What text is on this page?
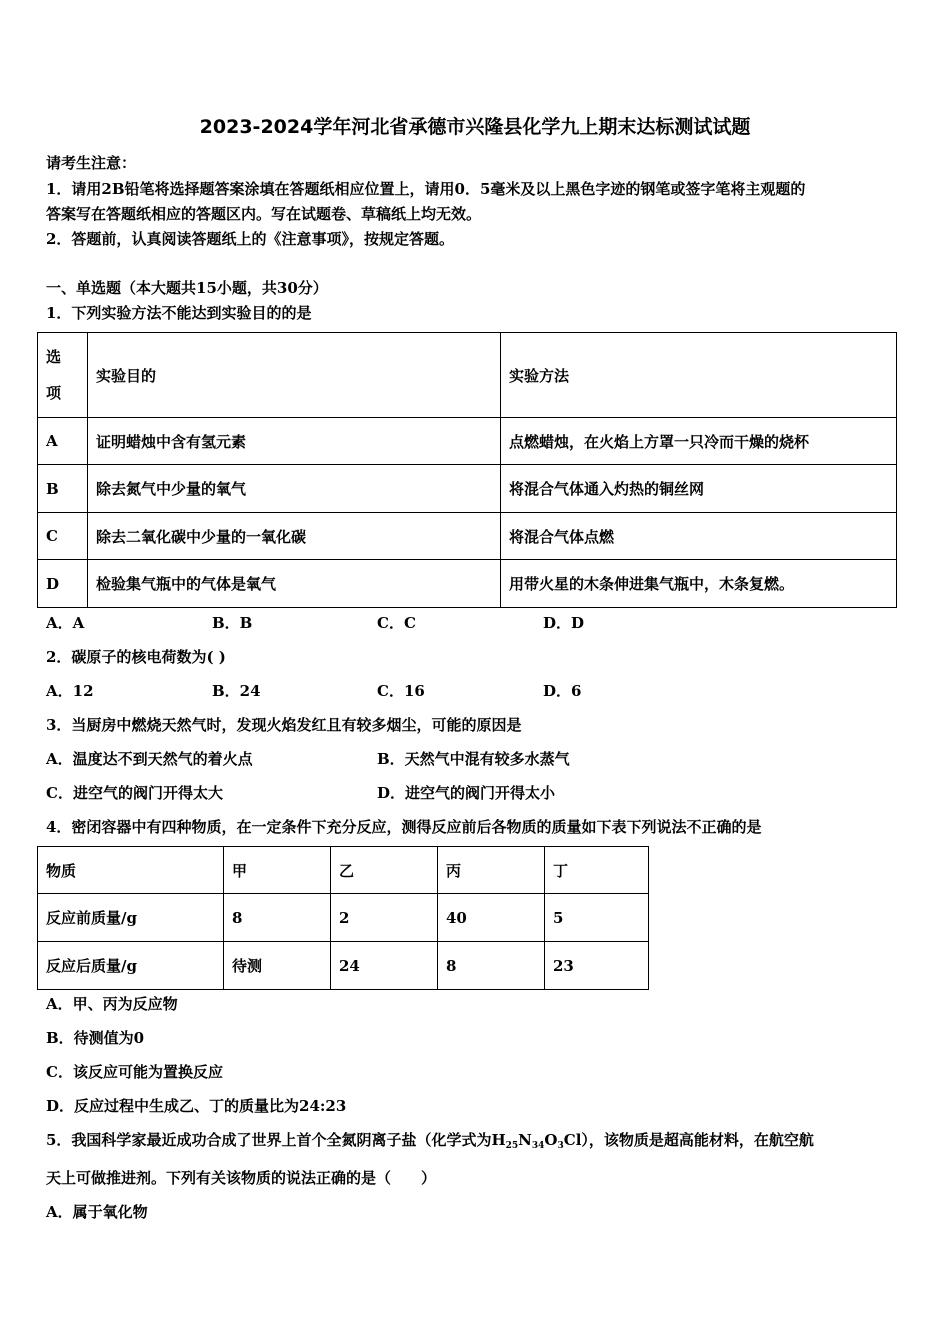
2023-2024学年河北省承德市兴隆县化学九上期末达标测试试题
请考生注意：
1．请用2B铅笔将选择题答案涂填在答题纸相应位置上，请用0．5毫米及以上黑色字迹的钢笔或签字笔将主观题的
答案写在答题纸相应的答题区内。写在试题卷、草稿纸上均无效。
2．答题前，认真阅读答题纸上的《注意事项》，按规定答题。
一、单选题（本大题共15小题，共30分）
1．下列实验方法不能达到实验目的的是
选
项	实验目的	实验方法
A	证明蜡烛中含有氢元素	点燃蜡烛，在火焰上方罩一只冷而干燥的烧杯
B	除去氮气中少量的氧气	将混合气体通入灼热的铜丝网
C	除去二氧化碳中少量的一氧化碳	将混合气体点燃
D	检验集气瓶中的气体是氧气	用带火星的木条伸进集气瓶中，木条复燃。
A．A	B．B	C．C	D．D
2．碳原子的核电荷数为( )
A．12	B．24	C．16	D．6
3．当厨房中燃烧天然气时，发现火焰发红且有较多烟尘，可能的原因是
A．温度达不到天然气的着火点	B．天然气中混有较多水蒸气
C．进空气的阀门开得太大	D．进空气的阀门开得太小
4．密闭容器中有四种物质，在一定条件下充分反应，测得反应前后各物质的质量如下表下列说法不正确的是
物质	甲	乙	丙	丁
反应前质量/g	8	2	40	5
反应后质量/g	待测	24	8	23
A．甲、丙为反应物
B．待测值为0
C．该反应可能为置换反应
D．反应过程中生成乙、丁的质量比为24:23
5．我国科学家最近成功合成了世界上首个全氮阴离子盐（化学式为$H_{25}N_{34}O_3Cl$），该物质是超高能材料，在航空航
天上可做推进剂。下列有关该物质的说法正确的是（　　）
A．属于氧化物
